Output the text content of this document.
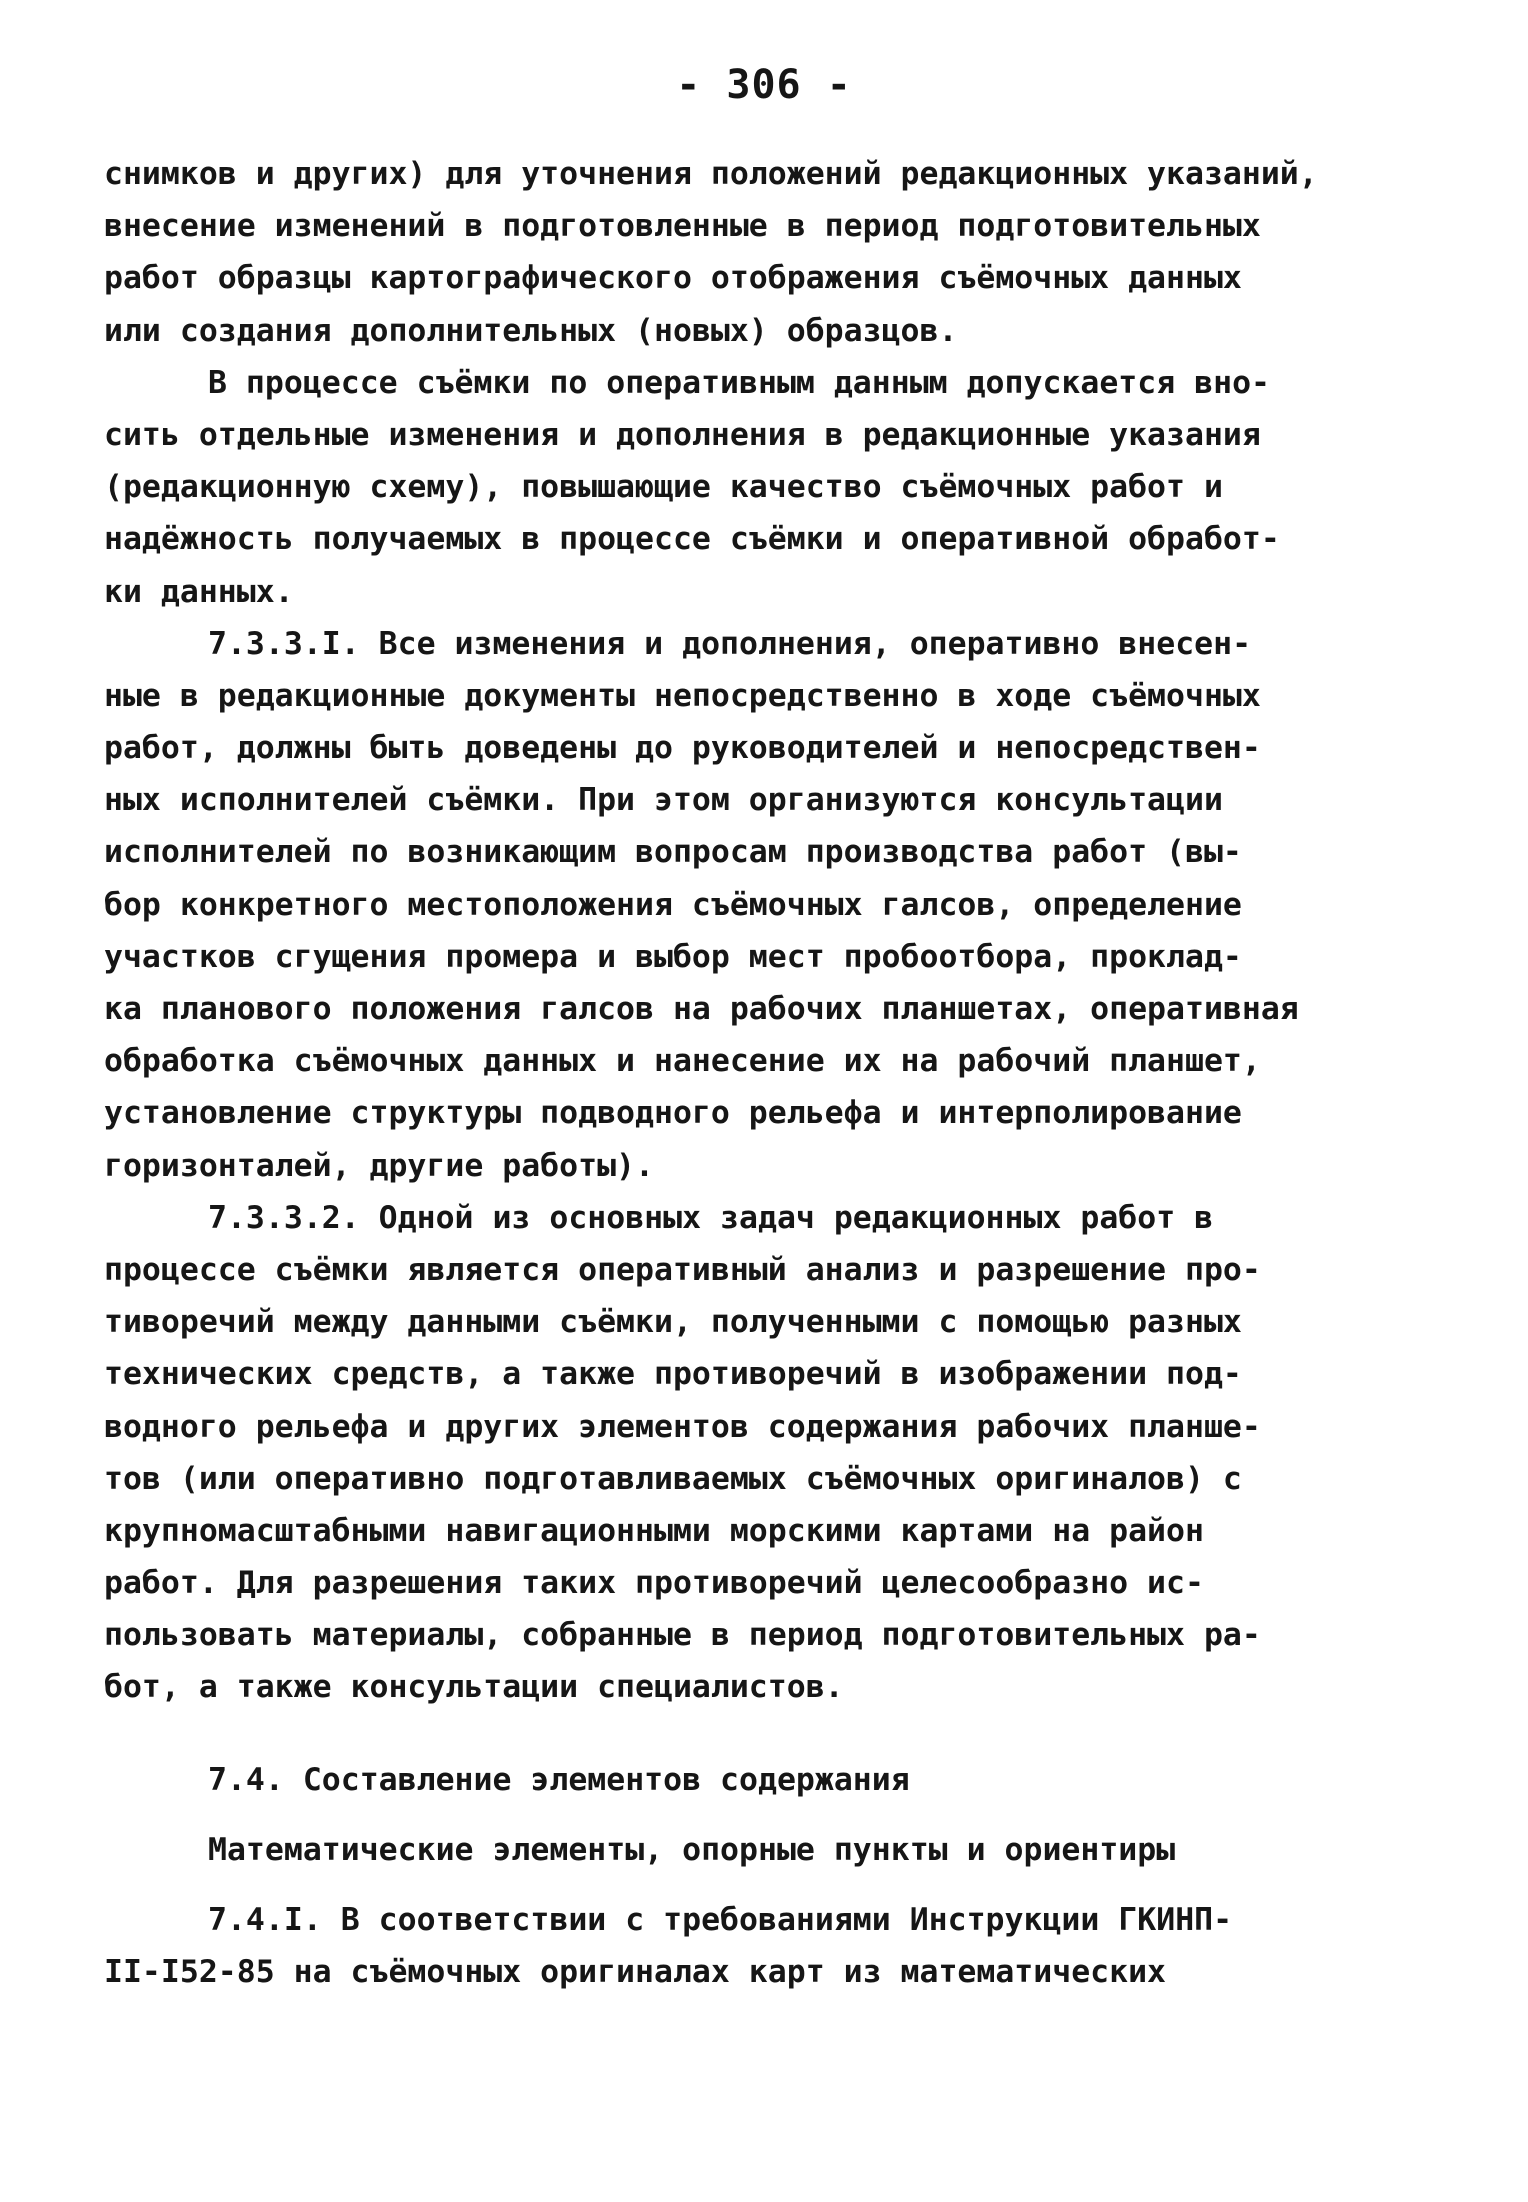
- 306 -
снимков и других) для уточнения положений редакционных указаний,
внесение изменений в подготовленные в период подготовительных
работ образцы картографического отображения съёмочных данных
или создания дополнительных (новых) образцов.
В процессе съёмки по оперативным данным допускается вно-
сить отдельные изменения и дополнения в редакционные указания
(редакционную схему), повышающие качество съёмочных работ и
надёжность получаемых в процессе съёмки и оперативной обработ-
ки данных.
7.3.3.I. Все изменения и дополнения, оперативно внесен-
ные в редакционные документы непосредственно в ходе съёмочных
работ, должны быть доведены до руководителей и непосредствен-
ных исполнителей съёмки. При этом организуются консультации
исполнителей по возникающим вопросам производства работ (вы-
бор конкретного местоположения съёмочных галсов, определение
участков сгущения промера и выбор мест пробоотбора, проклад-
ка планового положения галсов на рабочих планшетах, оперативная
обработка съёмочных данных и нанесение их на рабочий планшет,
установление структуры подводного рельефа и интерполирование
горизонталей, другие работы).
7.3.3.2. Одной из основных задач редакционных работ в
процессе съёмки является оперативный анализ и разрешение про-
тиворечий между данными съёмки, полученными с помощью разных
технических средств, а также противоречий в изображении под-
водного рельефа и других элементов содержания рабочих планше-
тов (или оперативно подготавливаемых съёмочных оригиналов) с
крупномасштабными навигационными морскими картами на район
работ. Для разрешения таких противоречий целесообразно ис-
пользовать материалы, собранные в период подготовительных ра-
бот, а также консультации специалистов.
7.4. Составление элементов содержания
Математические элементы, опорные пункты и ориентиры
7.4.I. В соответствии с требованиями Инструкции ГКИНП-
II-I52-85 на съёмочных оригиналах карт из математических
